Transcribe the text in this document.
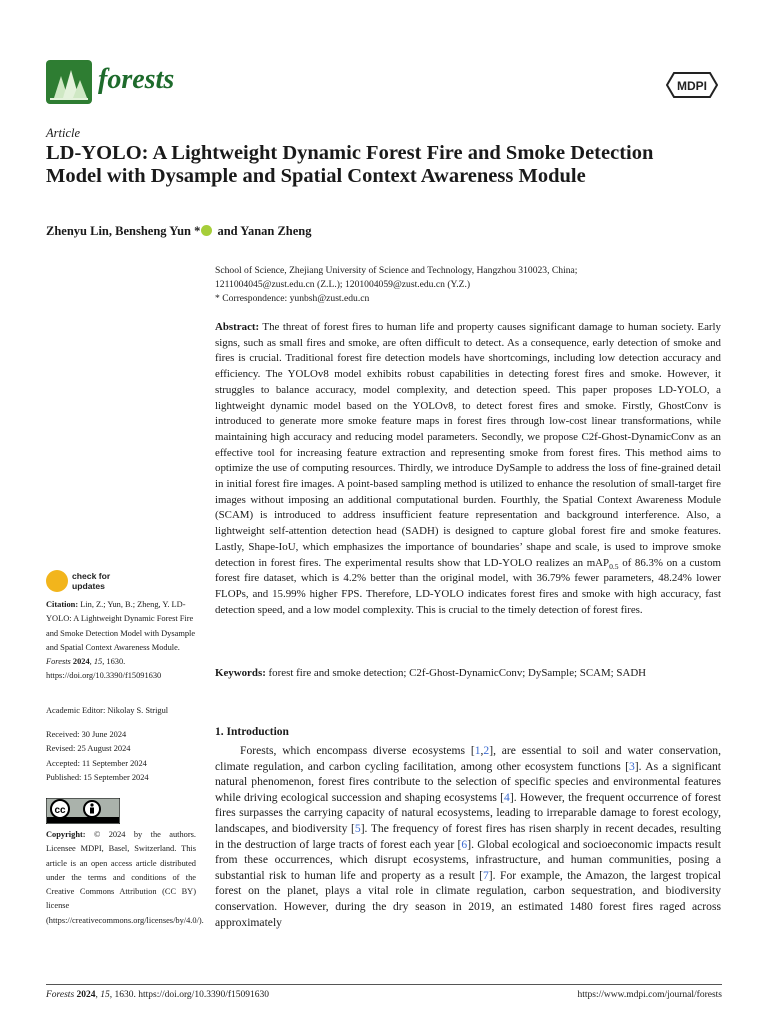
forests	MDPI
Article
LD-YOLO: A Lightweight Dynamic Forest Fire and Smoke Detection Model with Dysample and Spatial Context Awareness Module
Zhenyu Lin, Bensheng Yun * and Yanan Zheng
School of Science, Zhejiang University of Science and Technology, Hangzhou 310023, China;
1211004045@zust.edu.cn (Z.L.); 1201004059@zust.edu.cn (Y.Z.)
* Correspondence: yunbsh@zust.edu.cn
Abstract: The threat of forest fires to human life and property causes significant damage to human society. Early signs, such as small fires and smoke, are often difficult to detect. As a consequence, early detection of smoke and fires is crucial. Traditional forest fire detection models have shortcomings, including low detection accuracy and efficiency. The YOLOv8 model exhibits robust capabilities in detecting forest fires and smoke. However, it struggles to balance accuracy, model complexity, and detection speed. This paper proposes LD-YOLO, a lightweight dynamic model based on the YOLOv8, to detect forest fires and smoke. Firstly, GhostConv is introduced to generate more smoke feature maps in forest fires through low-cost linear transformations, while maintaining high accuracy and reducing model parameters. Secondly, we propose C2f-Ghost-DynamicConv as an effective tool for increasing feature extraction and representing smoke from forest fires. This method aims to optimize the use of computing resources. Thirdly, we introduce DySample to address the loss of fine-grained detail in initial forest fire images. A point-based sampling method is utilized to enhance the resolution of small-target fire images without imposing an additional computational burden. Fourthly, the Spatial Context Awareness Module (SCAM) is introduced to address insufficient feature representation and background interference. Also, a lightweight self-attention detection head (SADH) is designed to capture global forest fire and smoke features. Lastly, Shape-IoU, which emphasizes the importance of boundaries’ shape and scale, is used to improve smoke detection in forest fires. The experimental results show that LD-YOLO realizes an mAP$_{0.5}$ of 86.3% on a custom forest fire dataset, which is 4.2% better than the original model, with 36.79% fewer parameters, 48.24% lower FLOPs, and 15.99% higher FPS. Therefore, LD-YOLO indicates forest fires and smoke with high accuracy, fast detection speed, and a low model complexity. This is crucial to the timely detection of forest fires.
Keywords: forest fire and smoke detection; C2f-Ghost-DynamicConv; DySample; SCAM; SADH
1. Introduction
Forests, which encompass diverse ecosystems [1,2], are essential to soil and water conservation, climate regulation, and carbon cycling facilitation, among other ecosystem functions [3]. As a significant natural phenomenon, forest fires contribute to the selection of specific species and environmental features while driving ecological succession and shaping ecosystems [4]. However, the frequent occurrence of forest fires surpasses the carrying capacity of natural ecosystems, leading to irreparable damage to forest ecology, landscapes, and biodiversity [5]. The frequency of forest fires has risen sharply in recent decades, resulting in the destruction of large tracts of forest each year [6]. Global ecological and socioeconomic impacts result from these occurrences, which disrupt ecosystems, infrastructure, and human communities, posing a substantial risk to human life and property as a result [7]. For example, the Amazon, the largest tropical forest on the planet, plays a vital role in climate regulation, carbon sequestration, and biodiversity conservation. However, during the dry season in 2019, an estimated 1480 forest fires raged across approximately
check for
updates
Citation: Lin, Z.; Yun, B.; Zheng, Y. LD-YOLO: A Lightweight Dynamic Forest Fire and Smoke Detection Model with Dysample and Spatial Context Awareness Module. Forests 2024, 15, 1630. https://doi.org/10.3390/f15091630
Academic Editor: Nikolay S. Strigul
Received: 30 June 2024
Revised: 25 August 2024
Accepted: 11 September 2024
Published: 15 September 2024
cc
Copyright: © 2024 by the authors. Licensee MDPI, Basel, Switzerland. This article is an open access article distributed under the terms and conditions of the Creative Commons Attribution (CC BY) license (https://creativecommons.org/licenses/by/4.0/).
Forests 2024, 15, 1630. https://doi.org/10.3390/f15091630	https://www.mdpi.com/journal/forests
